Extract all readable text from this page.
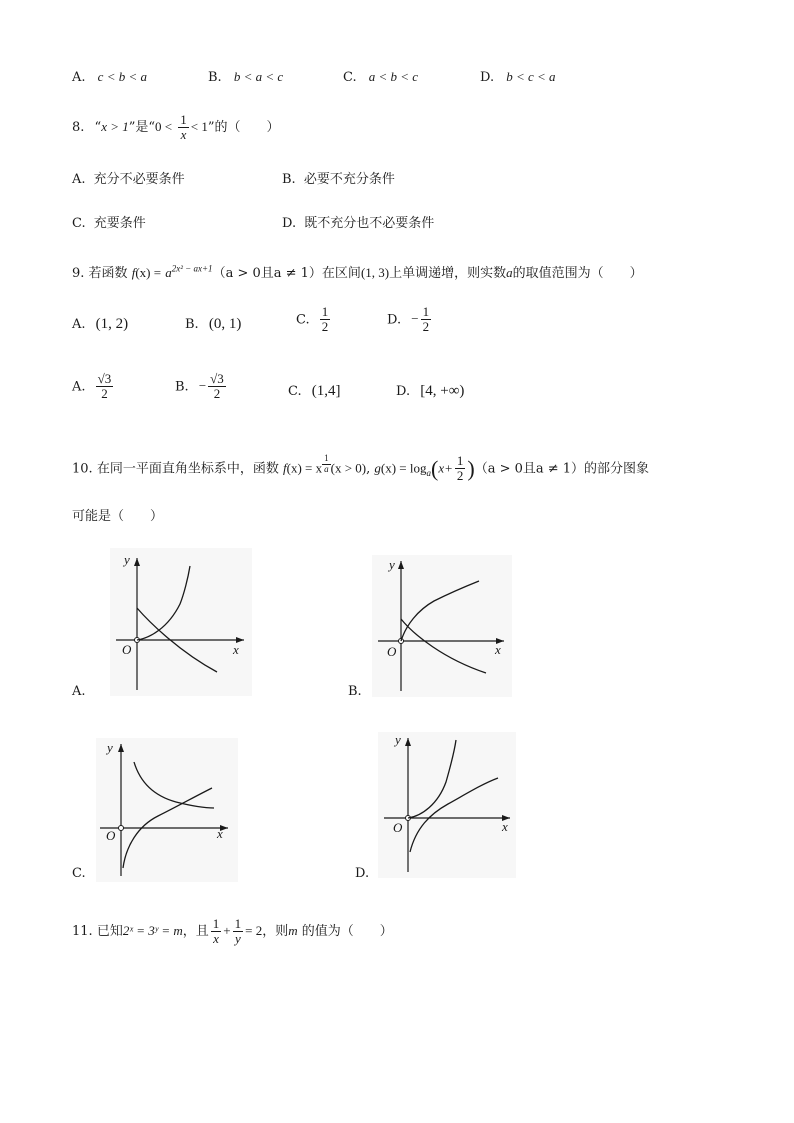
A. c < b < a	B. b < a < c	C. a < b < c	D. b < c < a
8. “x > 1”是“$0 < \frac{1}{x} < 1$”的（　　）
A. 充分不必要条件	B. 必要不充分条件
C. 充要条件	D. 既不充分也不必要条件
9. 若函数 $f(x) = a^{2x^2 - ax+1}(a > 0$且a ≠ 1）在区间(1, 3)上单调递增，则实数a的取值范围为（　　）
A. (1, 2)	B. (0, 1)	C. $\frac{1}{2}$	D. − $\frac{1}{2}$
A. $\frac{√3}{2}$	B. − $\frac{√3}{2}$	C. (1,4]	D. [4, +∞)
10. 在同一平面直角坐标系中，函数 f(x) = x $^{\frac{1}{a}}$ (x > 0), $g(x) = \log_a(x+ \frac{1}{2} )(a > 0$且a ≠ 1）的部分图象
可能是（　　）
y
x
O
A.
y
x
O
B.
y
x
O
C.
y
x
O
D.
11. 已知2ˣ = 3ʸ = m，且 $\frac{1}{x} + \frac{1}{y} = 2$，则m 的值为（　　）
